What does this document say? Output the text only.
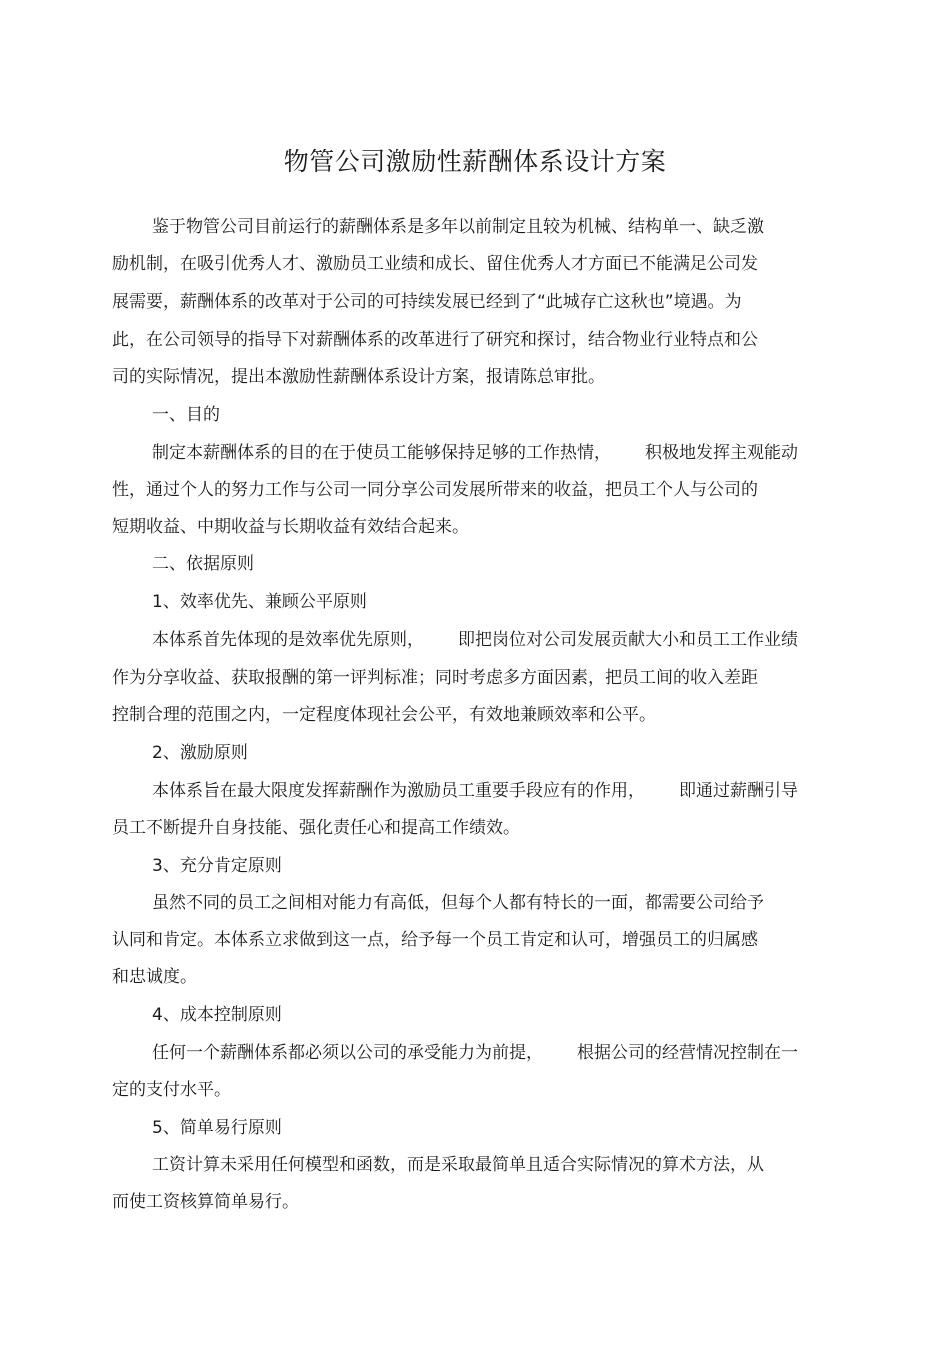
物管公司激励性薪酬体系设计方案
鉴于物管公司目前运行的薪酬体系是多年以前制定且较为机械、结构单一、缺乏激
励机制，在吸引优秀人才、激励员工业绩和成长、留住优秀人才方面已不能满足公司发
展需要，薪酬体系的改革对于公司的可持续发展已经到了“此城存亡这秋也”境遇。为
此，在公司领导的指导下对薪酬体系的改革进行了研究和探讨，结合物业行业特点和公
司的实际情况，提出本激励性薪酬体系设计方案，报请陈总审批。
一、目的
制定本薪酬体系的目的在于使员工能够保持足够的工作热情， 积极地发挥主观能动
性，通过个人的努力工作与公司一同分享公司发展所带来的收益，把员工个人与公司的
短期收益、中期收益与长期收益有效结合起来。
二、依据原则
1、效率优先、兼顾公平原则
本体系首先体现的是效率优先原则， 即把岗位对公司发展贡献大小和员工工作业绩
作为分享收益、获取报酬的第一评判标准；同时考虑多方面因素，把员工间的收入差距
控制合理的范围之内，一定程度体现社会公平，有效地兼顾效率和公平。
2、激励原则
本体系旨在最大限度发挥薪酬作为激励员工重要手段应有的作用， 即通过薪酬引导
员工不断提升自身技能、强化责任心和提高工作绩效。
3、充分肯定原则
虽然不同的员工之间相对能力有高低，但每个人都有特长的一面，都需要公司给予
认同和肯定。本体系立求做到这一点，给予每一个员工肯定和认可，增强员工的归属感
和忠诚度。
4、成本控制原则
任何一个薪酬体系都必须以公司的承受能力为前提， 根据公司的经营情况控制在一
定的支付水平。
5、简单易行原则
工资计算未采用任何模型和函数，而是采取最简单且适合实际情况的算术方法，从
而使工资核算简单易行。
